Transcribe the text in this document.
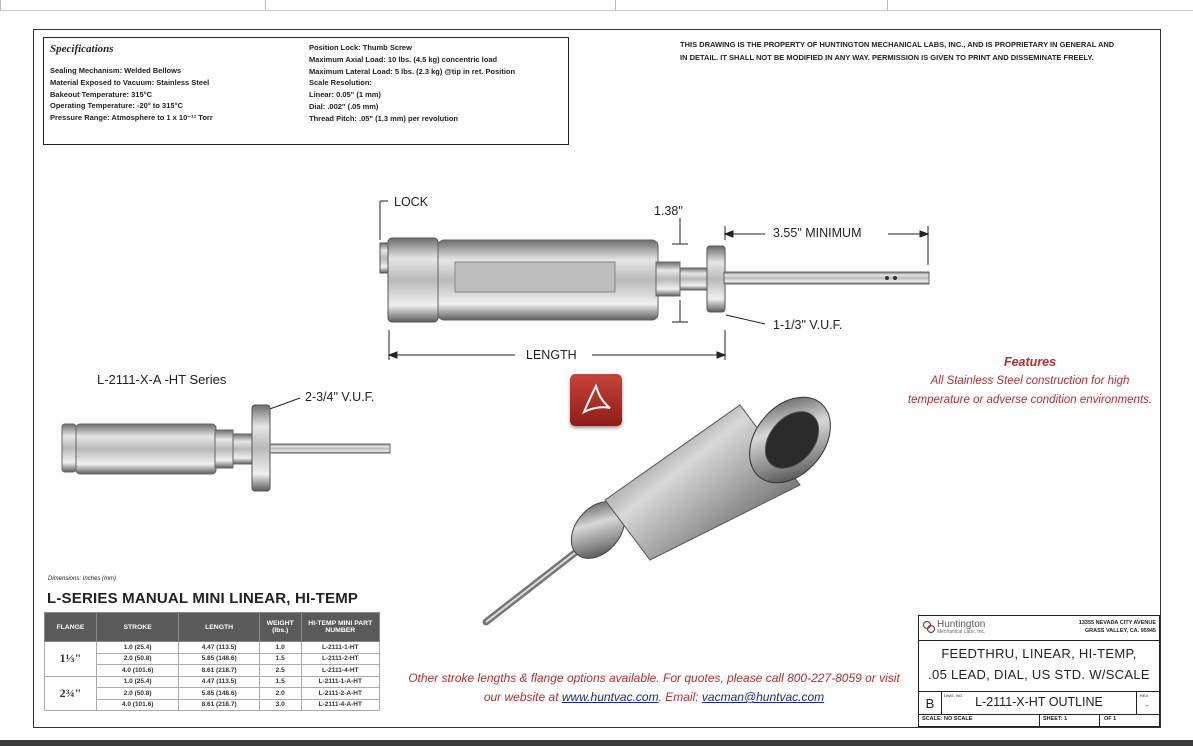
Specifications
Sealing Mechanism: Welded Bellows
Material Exposed to Vacuum: Stainless Steel
Bakeout Temperature: 315°C
Operating Temperature: -20° to 315°C
Pressure Range: Atmosphere to 1 x 10⁻¹¹ Torr
Position Lock: Thumb Screw
Maximum Axial Load: 10 lbs. (4.5 kg) concentric load
Maximum Lateral Load: 5 lbs. (2.3 kg) @tip in ret. Position
Scale Resolution:
Linear: 0.05" (1 mm)
Dial: .002" (.05 mm)
Thread Pitch: .05" (1.3 mm) per revolution
THIS DRAWING IS THE PROPERTY OF HUNTINGTON MECHANICAL LABS, INC., AND IS PROPRIETARY IN GENERAL AND
IN DETAIL. IT SHALL NOT BE MODIFIED IN ANY WAY. PERMISSION IS GIVEN TO PRINT AND DISSEMINATE FREELY.
LOCK
1.38"
3.55" MINIMUM
1-1/3" V.U.F.
LENGTH
L-2111-X-A -HT Series
2-3/4" V.U.F.
Features
All Stainless Steel construction for high temperature or adverse condition environments.
Dimensions: Inches (mm)
L-SERIES MANUAL MINI LINEAR, HI-TEMP
FLANGE	STROKE	LENGTH	WEIGHT (lbs.)	HI-TEMP MINI PART NUMBER
1⅓"	1.0 (25.4)	4.47 (113.5)	1.0	L-2111-1-HT
	2.0 (50.8)	5.85 (148.6)	1.5	L-2111-2-HT
	4.0 (101.6)	8.61 (218.7)	2.5	L-2111-4-HT
2¾"	1.0 (25.4)	4.47 (113.5)	1.5	L-2111-1-A-HT
	2.0 (50.8)	5.85 (148.6)	2.0	L-2111-2-A-HT
	4.0 (101.6)	8.61 (218.7)	3.0	L-2111-4-A-HT
Other stroke lengths & flange options available. For quotes, please call 800-227-8059 or visit
our website at www.huntvac.com. Email: vacman@huntvac.com
Huntington
Mechanical Labs, Inc.
13355 NEVADA CITY AVENUE
GRASS VALLEY, CA. 95945
FEEDTHRU, LINEAR, HI-TEMP,
.05 LEAD, DIAL, US STD. W/SCALE
B
DWG. NO. L-2111-X-HT OUTLINE	REV.
-
SCALE: NO SCALE	SHEET: 1	OF 1
